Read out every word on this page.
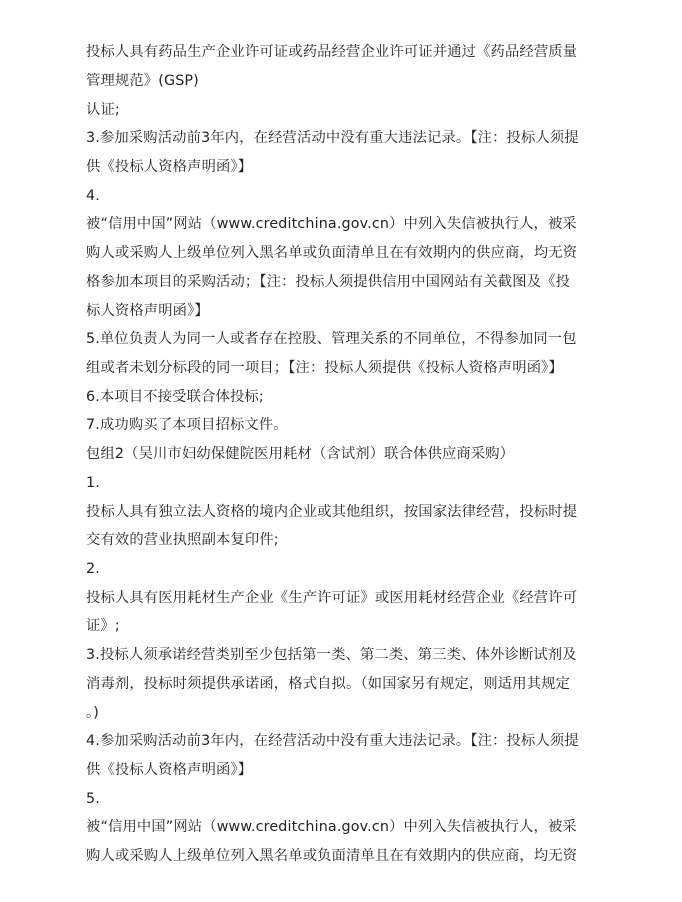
投标人具有药品生产企业许可证或药品经营企业许可证并通过《药品经营质量
管理规范》(GSP)
认证;
3.参加采购活动前3年内，在经营活动中没有重大违法记录。【注：投标人须提
供《投标人资格声明函》】
4.
被“信用中国”网站（www.creditchina.gov.cn）中列入失信被执行人，被采
购人或采购人上级单位列入黑名单或负面清单且在有效期内的供应商，均无资
格参加本项目的采购活动；【注：投标人须提供信用中国网站有关截图及《投
标人资格声明函》】
5.单位负责人为同一人或者存在控股、管理关系的不同单位，不得参加同一包
组或者未划分标段的同一项目；【注：投标人须提供《投标人资格声明函》】
6.本项目不接受联合体投标;
7.成功购买了本项目招标文件。
包组2（吴川市妇幼保健院医用耗材（含试剂）联合体供应商采购）
1.
投标人具有独立法人资格的境内企业或其他组织，按国家法律经营，投标时提
交有效的营业执照副本复印件;
2.
投标人具有医用耗材生产企业《生产许可证》或医用耗材经营企业《经营许可
证》;
3.投标人须承诺经营类别至少包括第一类、第二类、第三类、体外诊断试剂及
消毒剂，投标时须提供承诺函，格式自拟。（如国家另有规定，则适用其规定
。)
4.参加采购活动前3年内，在经营活动中没有重大违法记录。【注：投标人须提
供《投标人资格声明函》】
5.
被“信用中国”网站（www.creditchina.gov.cn）中列入失信被执行人，被采
购人或采购人上级单位列入黑名单或负面清单且在有效期内的供应商，均无资
